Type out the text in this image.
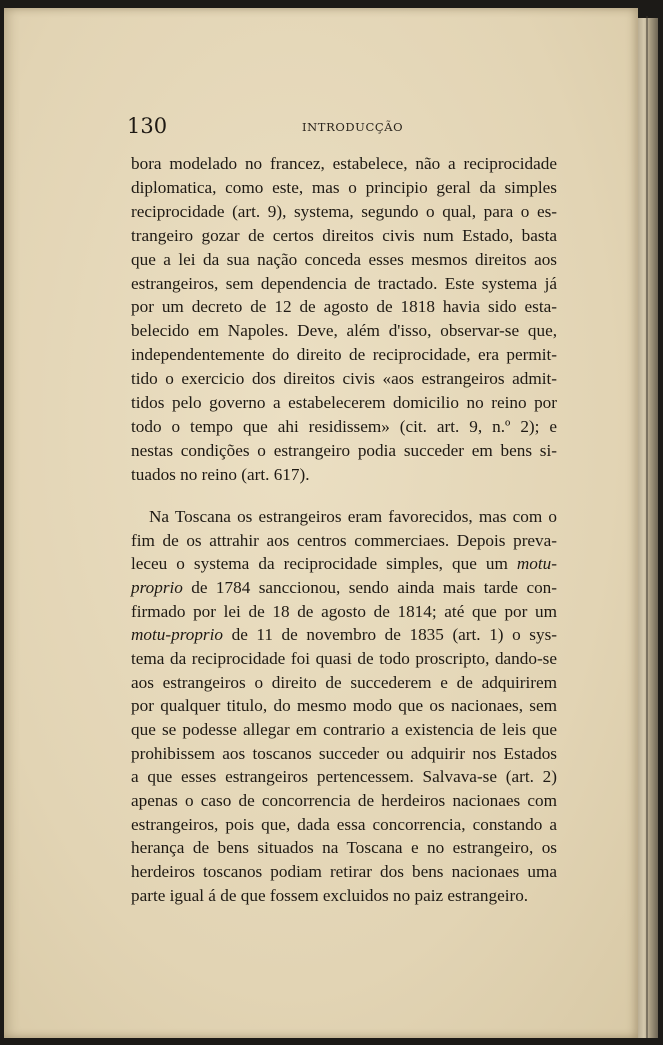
130	INTRODUCÇÃO
bora modelado no francez, estabelece, não a reciprocidade
diplomatica, como este, mas o principio geral da simples
reciprocidade (art. 9), systema, segundo o qual, para o es-
trangeiro gozar de certos direitos civis num Estado, basta
que a lei da sua nação conceda esses mesmos direitos aos
estrangeiros, sem dependencia de tractado. Este systema já
por um decreto de 12 de agosto de 1818 havia sido esta-
belecido em Napoles. Deve, além d'isso, observar-se que,
independentemente do direito de reciprocidade, era permit-
tido o exercicio dos direitos civis «aos estrangeiros admit-
tidos pelo governo a estabelecerem domicilio no reino por
todo o tempo que ahi residissem» (cit. art. 9, n.º 2); e
nestas condições o estrangeiro podia succeder em bens si-
tuados no reino (art. 617).
Na Toscana os estrangeiros eram favorecidos, mas com o
fim de os attrahir aos centros commerciaes. Depois preva-
leceu o systema da reciprocidade simples, que um motu-
proprio de 1784 sanccionou, sendo ainda mais tarde con-
firmado por lei de 18 de agosto de 1814; até que por um
motu-proprio de 11 de novembro de 1835 (art. 1) o sys-
tema da reciprocidade foi quasi de todo proscripto, dando-se
aos estrangeiros o direito de succederem e de adquirirem
por qualquer titulo, do mesmo modo que os nacionaes, sem
que se podesse allegar em contrario a existencia de leis que
prohibissem aos toscanos succeder ou adquirir nos Estados
a que esses estrangeiros pertencessem. Salvava-se (art. 2)
apenas o caso de concorrencia de herdeiros nacionaes com
estrangeiros, pois que, dada essa concorrencia, constando a
herança de bens situados na Toscana e no estrangeiro, os
herdeiros toscanos podiam retirar dos bens nacionaes uma
parte igual á de que fossem excluidos no paiz estrangeiro.
